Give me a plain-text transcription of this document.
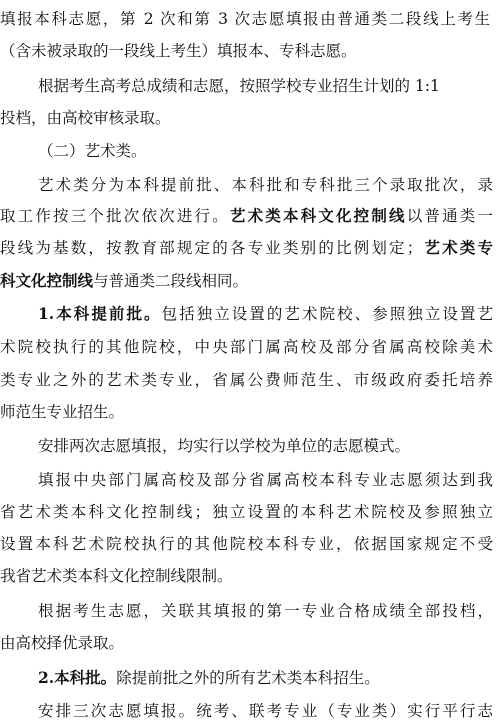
填报本科志愿，第 2 次和第 3 次志愿填报由普通类二段线上考生
（含未被录取的一段线上考生）填报本、专科志愿。
根据考生高考总成绩和志愿，按照学校专业招生计划的 1:1
投档，由高校审核录取。
（二）艺术类。
艺术类分为本科提前批、本科批和专科批三个录取批次，录
取工作按三个批次依次进行。艺术类本科文化控制线以普通类一
段线为基数，按教育部规定的各专业类别的比例划定；艺术类专
科文化控制线与普通类二段线相同。
1.本科提前批。包括独立设置的艺术院校、参照独立设置艺
术院校执行的其他院校，中央部门属高校及部分省属高校除美术
类专业之外的艺术类专业，省属公费师范生、市级政府委托培养
师范生专业招生。
安排两次志愿填报，均实行以学校为单位的志愿模式。
填报中央部门属高校及部分省属高校本科专业志愿须达到我
省艺术类本科文化控制线；独立设置的本科艺术院校及参照独立
设置本科艺术院校执行的其他院校本科专业，依据国家规定不受
我省艺术类本科文化控制线限制。
根据考生志愿，关联其填报的第一专业合格成绩全部投档，
由高校择优录取。
2.本科批。除提前批之外的所有艺术类本科招生。
安排三次志愿填报。统考、联考专业（专业类）实行平行志
